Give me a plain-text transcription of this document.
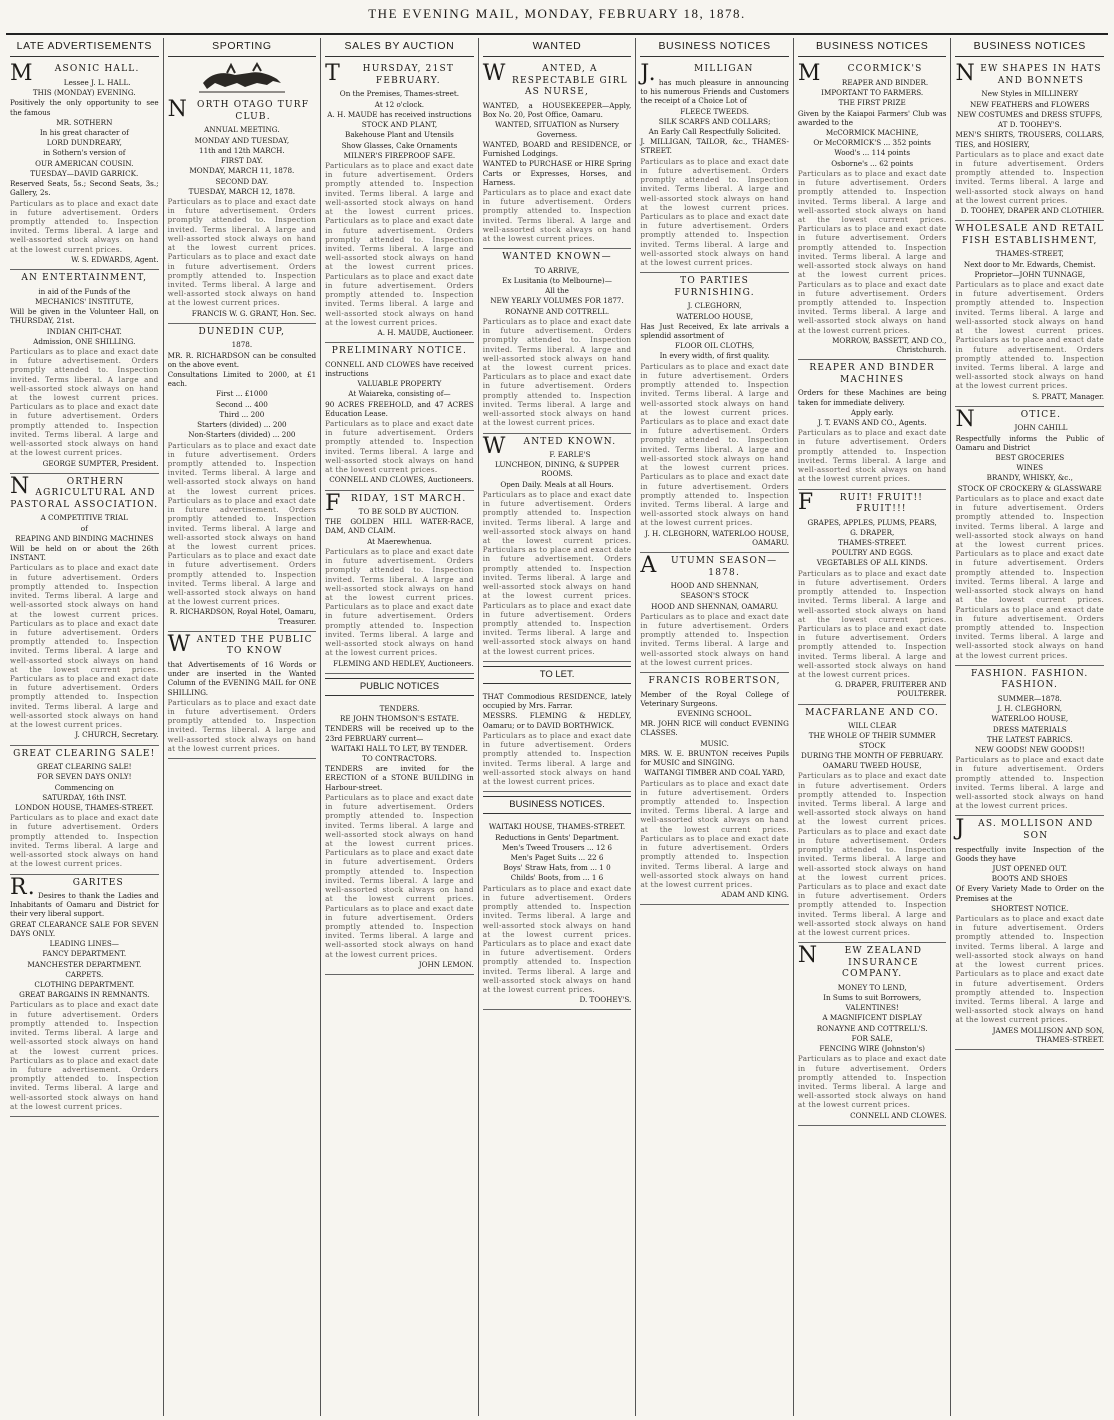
THE EVENING MAIL, MONDAY, FEBRUARY 18, 1878.
LATE ADVERTISEMENTS
MASONIC HALL.

Lessee J. L. HALL.

THIS (MONDAY) EVENING.

Positively the only opportunity to see the famous

MR. SOTHERN

In his great character of

LORD DUNDREARY,

in Sothern's version of

OUR AMERICAN COUSIN.

TUESDAY—DAVID GARRICK.

Reserved Seats, 5s.; Second Seats, 3s.; Gallery, 2s.

Particulars as to place and exact date in future advertisement. Orders promptly attended to. Inspection invited. Terms liberal. A large and well-assorted stock always on hand at the lowest current prices.

W. S. EDWARDS, Agent.

AN ENTERTAINMENT,

in aid of the Funds of the

MECHANICS' INSTITUTE,

Will be given in the Volunteer Hall, on THURSDAY, 21st.

INDIAN CHIT-CHAT.

Admission, ONE SHILLING.

Particulars as to place and exact date in future advertisement. Orders promptly attended to. Inspection invited. Terms liberal. A large and well-assorted stock always on hand at the lowest current prices. Particulars as to place and exact date in future advertisement. Orders promptly attended to. Inspection invited. Terms liberal. A large and well-assorted stock always on hand at the lowest current prices.

GEORGE SUMPTER, President.

NORTHERN AGRICULTURAL AND PASTORAL ASSOCIATION.

A COMPETITIVE TRIAL

of

REAPING AND BINDING MACHINES

Will be held on or about the 26th INSTANT.

Particulars as to place and exact date in future advertisement. Orders promptly attended to. Inspection invited. Terms liberal. A large and well-assorted stock always on hand at the lowest current prices. Particulars as to place and exact date in future advertisement. Orders promptly attended to. Inspection invited. Terms liberal. A large and well-assorted stock always on hand at the lowest current prices. Particulars as to place and exact date in future advertisement. Orders promptly attended to. Inspection invited. Terms liberal. A large and well-assorted stock always on hand at the lowest current prices.

J. CHURCH, Secretary.

GREAT CLEARING SALE!

GREAT CLEARING SALE!

FOR SEVEN DAYS ONLY!

Commencing on

SATURDAY, 16th INST.

LONDON HOUSE, THAMES-STREET.

Particulars as to place and exact date in future advertisement. Orders promptly attended to. Inspection invited. Terms liberal. A large and well-assorted stock always on hand at the lowest current prices.

R.GARITES

Desires to thank the Ladies and Inhabitants of Oamaru and District for their very liberal support.

GREAT CLEARANCE SALE FOR SEVEN DAYS ONLY.

LEADING LINES—

FANCY DEPARTMENT.

MANCHESTER DEPARTMENT.

CARPETS.

CLOTHING DEPARTMENT.

GREAT BARGAINS IN REMNANTS.

Particulars as to place and exact date in future advertisement. Orders promptly attended to. Inspection invited. Terms liberal. A large and well-assorted stock always on hand at the lowest current prices. Particulars as to place and exact date in future advertisement. Orders promptly attended to. Inspection invited. Terms liberal. A large and well-assorted stock always on hand at the lowest current prices.

SPORTING
NORTH OTAGO TURF CLUB.

ANNUAL MEETING.

MONDAY AND TUESDAY,

11th and 12th MARCH.

FIRST DAY.

MONDAY, MARCH 11, 1878.

SECOND DAY.

TUESDAY, MARCH 12, 1878.

Particulars as to place and exact date in future advertisement. Orders promptly attended to. Inspection invited. Terms liberal. A large and well-assorted stock always on hand at the lowest current prices. Particulars as to place and exact date in future advertisement. Orders promptly attended to. Inspection invited. Terms liberal. A large and well-assorted stock always on hand at the lowest current prices.

FRANCIS W. G. GRANT, Hon. Sec.

DUNEDIN CUP,

1878.

MR. R. RICHARDSON can be consulted on the above event.

Consultations Limited to 2000, at £1 each.

First ... £1000

Second ... 400

Third ... 200

Starters (divided) ... 200

Non-Starters (divided) ... 200

Particulars as to place and exact date in future advertisement. Orders promptly attended to. Inspection invited. Terms liberal. A large and well-assorted stock always on hand at the lowest current prices. Particulars as to place and exact date in future advertisement. Orders promptly attended to. Inspection invited. Terms liberal. A large and well-assorted stock always on hand at the lowest current prices. Particulars as to place and exact date in future advertisement. Orders promptly attended to. Inspection invited. Terms liberal. A large and well-assorted stock always on hand at the lowest current prices.

R. RICHARDSON, Royal Hotel, Oamaru, Treasurer.

WANTED THE PUBLIC TO KNOW

that Advertisements of 16 Words or under are inserted in the Wanted Column of the EVENING MAIL for ONE SHILLING.

Particulars as to place and exact date in future advertisement. Orders promptly attended to. Inspection invited. Terms liberal. A large and well-assorted stock always on hand at the lowest current prices.

SALES BY AUCTION
THURSDAY, 21ST FEBRUARY.

On the Premises, Thames-street.

At 12 o'clock.

A. H. MAUDE has received instructions

STOCK AND PLANT,

Bakehouse Plant and Utensils

Show Glasses, Cake Ornaments

MILNER'S FIREPROOF SAFE.

Particulars as to place and exact date in future advertisement. Orders promptly attended to. Inspection invited. Terms liberal. A large and well-assorted stock always on hand at the lowest current prices. Particulars as to place and exact date in future advertisement. Orders promptly attended to. Inspection invited. Terms liberal. A large and well-assorted stock always on hand at the lowest current prices. Particulars as to place and exact date in future advertisement. Orders promptly attended to. Inspection invited. Terms liberal. A large and well-assorted stock always on hand at the lowest current prices.

A. H. MAUDE, Auctioneer.

PRELIMINARY NOTICE.

CONNELL AND CLOWES have received instructions

VALUABLE PROPERTY

At Waiareka, consisting of—

90 ACRES FREEHOLD, and 47 ACRES Education Lease.

Particulars as to place and exact date in future advertisement. Orders promptly attended to. Inspection invited. Terms liberal. A large and well-assorted stock always on hand at the lowest current prices.

CONNELL AND CLOWES, Auctioneers.

FRIDAY, 1ST MARCH.

TO BE SOLD BY AUCTION.

THE GOLDEN HILL WATER-RACE, DAM, AND CLAIM.

At Maerewhenua.

Particulars as to place and exact date in future advertisement. Orders promptly attended to. Inspection invited. Terms liberal. A large and well-assorted stock always on hand at the lowest current prices. Particulars as to place and exact date in future advertisement. Orders promptly attended to. Inspection invited. Terms liberal. A large and well-assorted stock always on hand at the lowest current prices.

FLEMING AND HEDLEY, Auctioneers.

PUBLIC NOTICES

TENDERS.

RE JOHN THOMSON'S ESTATE.

TENDERS will be received up to the 23rd FEBRUARY current—

WAITAKI HALL TO LET, BY TENDER.

TO CONTRACTORS.

TENDERS are invited for the ERECTION of a STONE BUILDING in Harbour-street.

Particulars as to place and exact date in future advertisement. Orders promptly attended to. Inspection invited. Terms liberal. A large and well-assorted stock always on hand at the lowest current prices. Particulars as to place and exact date in future advertisement. Orders promptly attended to. Inspection invited. Terms liberal. A large and well-assorted stock always on hand at the lowest current prices. Particulars as to place and exact date in future advertisement. Orders promptly attended to. Inspection invited. Terms liberal. A large and well-assorted stock always on hand at the lowest current prices.

JOHN LEMON.

WANTED
WANTED, A RESPECTABLE GIRL AS NURSE,

WANTED, a HOUSEKEEPER—Apply, Box No. 20, Post Office, Oamaru.

WANTED, SITUATION as Nursery Governess.

WANTED, BOARD and RESIDENCE, or Furnished Lodgings.

WANTED to PURCHASE or HIRE Spring Carts or Expresses, Horses, and Harness.

Particulars as to place and exact date in future advertisement. Orders promptly attended to. Inspection invited. Terms liberal. A large and well-assorted stock always on hand at the lowest current prices.

WANTED KNOWN—

TO ARRIVE,

Ex Lusitania (to Melbourne)—

All the

NEW YEARLY VOLUMES FOR 1877.

RONAYNE AND COTTRELL.

Particulars as to place and exact date in future advertisement. Orders promptly attended to. Inspection invited. Terms liberal. A large and well-assorted stock always on hand at the lowest current prices. Particulars as to place and exact date in future advertisement. Orders promptly attended to. Inspection invited. Terms liberal. A large and well-assorted stock always on hand at the lowest current prices.

WANTED KNOWN.

F. EARLE'S

LUNCHEON, DINING, & SUPPER ROOMS.

Open Daily. Meals at all Hours.

Particulars as to place and exact date in future advertisement. Orders promptly attended to. Inspection invited. Terms liberal. A large and well-assorted stock always on hand at the lowest current prices. Particulars as to place and exact date in future advertisement. Orders promptly attended to. Inspection invited. Terms liberal. A large and well-assorted stock always on hand at the lowest current prices. Particulars as to place and exact date in future advertisement. Orders promptly attended to. Inspection invited. Terms liberal. A large and well-assorted stock always on hand at the lowest current prices.

TO LET.

THAT Commodious RESIDENCE, lately occupied by Mrs. Farrar.

MESSRS. FLEMING & HEDLEY, Oamaru; or to DAVID BORTHWICK.

Particulars as to place and exact date in future advertisement. Orders promptly attended to. Inspection invited. Terms liberal. A large and well-assorted stock always on hand at the lowest current prices.

BUSINESS NOTICES.

WAITAKI HOUSE, THAMES-STREET.

Reductions in Gents' Department.

Men's Tweed Trousers ... 12 6

Men's Paget Suits ... 22 6

Boys' Straw Hats, from ... 1 0

Childs' Boots, from ... 1 6

Particulars as to place and exact date in future advertisement. Orders promptly attended to. Inspection invited. Terms liberal. A large and well-assorted stock always on hand at the lowest current prices. Particulars as to place and exact date in future advertisement. Orders promptly attended to. Inspection invited. Terms liberal. A large and well-assorted stock always on hand at the lowest current prices.

D. TOOHEY'S.

BUSINESS NOTICES
J.MILLIGAN

has much pleasure in announcing to his numerous Friends and Customers the receipt of a Choice Lot of

FLEECE TWEEDS.

SILK SCARFS AND COLLARS;

An Early Call Respectfully Solicited.

J. MILLIGAN, TAILOR, &c., THAMES-STREET.

Particulars as to place and exact date in future advertisement. Orders promptly attended to. Inspection invited. Terms liberal. A large and well-assorted stock always on hand at the lowest current prices. Particulars as to place and exact date in future advertisement. Orders promptly attended to. Inspection invited. Terms liberal. A large and well-assorted stock always on hand at the lowest current prices.

TO PARTIES FURNISHING.

J. CLEGHORN,

WATERLOO HOUSE,

Has Just Received, Ex late arrivals a splendid assortment of

FLOOR OIL CLOTHS,

In every width, of first quality.

Particulars as to place and exact date in future advertisement. Orders promptly attended to. Inspection invited. Terms liberal. A large and well-assorted stock always on hand at the lowest current prices. Particulars as to place and exact date in future advertisement. Orders promptly attended to. Inspection invited. Terms liberal. A large and well-assorted stock always on hand at the lowest current prices. Particulars as to place and exact date in future advertisement. Orders promptly attended to. Inspection invited. Terms liberal. A large and well-assorted stock always on hand at the lowest current prices.

J. H. CLEGHORN, WATERLOO HOUSE, OAMARU.

AUTUMN SEASON—1878.

HOOD AND SHENNAN,

SEASON'S STOCK

HOOD AND SHENNAN, OAMARU.

Particulars as to place and exact date in future advertisement. Orders promptly attended to. Inspection invited. Terms liberal. A large and well-assorted stock always on hand at the lowest current prices.

FRANCIS ROBERTSON,

Member of the Royal College of Veterinary Surgeons.

EVENING SCHOOL.

MR. JOHN RICE will conduct EVENING CLASSES.

MUSIC.

MRS. W. E. BRUNTON receives Pupils for MUSIC and SINGING.

WAITANGI TIMBER AND COAL YARD,

Particulars as to place and exact date in future advertisement. Orders promptly attended to. Inspection invited. Terms liberal. A large and well-assorted stock always on hand at the lowest current prices. Particulars as to place and exact date in future advertisement. Orders promptly attended to. Inspection invited. Terms liberal. A large and well-assorted stock always on hand at the lowest current prices.

ADAM AND KING.

BUSINESS NOTICES
MCCORMICK'S

REAPER AND BINDER.

IMPORTANT TO FARMERS.

THE FIRST PRIZE

Given by the Kaiapoi Farmers' Club was awarded to the

McCORMICK MACHINE,

Or McCORMICK'S ... 352 points

Wood's ... 114 points

Osborne's ... 62 points

Particulars as to place and exact date in future advertisement. Orders promptly attended to. Inspection invited. Terms liberal. A large and well-assorted stock always on hand at the lowest current prices. Particulars as to place and exact date in future advertisement. Orders promptly attended to. Inspection invited. Terms liberal. A large and well-assorted stock always on hand at the lowest current prices. Particulars as to place and exact date in future advertisement. Orders promptly attended to. Inspection invited. Terms liberal. A large and well-assorted stock always on hand at the lowest current prices.

MORROW, BASSETT, AND CO., Christchurch.

REAPER AND BINDER MACHINES

Orders for these Machines are being taken for immediate delivery.

Apply early.

J. T. EVANS AND CO., Agents.

Particulars as to place and exact date in future advertisement. Orders promptly attended to. Inspection invited. Terms liberal. A large and well-assorted stock always on hand at the lowest current prices.

FRUIT! FRUIT!! FRUIT!!!

GRAPES, APPLES, PLUMS, PEARS,

G. DRAPER,

THAMES-STREET.

POULTRY AND EGGS.

VEGETABLES OF ALL KINDS.

Particulars as to place and exact date in future advertisement. Orders promptly attended to. Inspection invited. Terms liberal. A large and well-assorted stock always on hand at the lowest current prices. Particulars as to place and exact date in future advertisement. Orders promptly attended to. Inspection invited. Terms liberal. A large and well-assorted stock always on hand at the lowest current prices.

G. DRAPER, FRUITERER AND POULTERER.

MACFARLANE AND CO.

WILL CLEAR

THE WHOLE OF THEIR SUMMER STOCK

DURING THE MONTH OF FEBRUARY.

OAMARU TWEED HOUSE,

Particulars as to place and exact date in future advertisement. Orders promptly attended to. Inspection invited. Terms liberal. A large and well-assorted stock always on hand at the lowest current prices. Particulars as to place and exact date in future advertisement. Orders promptly attended to. Inspection invited. Terms liberal. A large and well-assorted stock always on hand at the lowest current prices. Particulars as to place and exact date in future advertisement. Orders promptly attended to. Inspection invited. Terms liberal. A large and well-assorted stock always on hand at the lowest current prices.

NEW ZEALAND INSURANCE COMPANY.

MONEY TO LEND,

In Sums to suit Borrowers,

VALENTINES!

A MAGNIFICENT DISPLAY

RONAYNE AND COTTRELL'S.

FOR SALE,

FENCING WIRE (Johnston's)

Particulars as to place and exact date in future advertisement. Orders promptly attended to. Inspection invited. Terms liberal. A large and well-assorted stock always on hand at the lowest current prices.

CONNELL AND CLOWES.

BUSINESS NOTICES
NEW SHAPES IN HATS AND BONNETS

New Styles in MILLINERY

NEW FEATHERS and FLOWERS

NEW COSTUMES and DRESS STUFFS,

AT D. TOOHEY'S.

MEN'S SHIRTS, TROUSERS, COLLARS, TIES, and HOSIERY,

Particulars as to place and exact date in future advertisement. Orders promptly attended to. Inspection invited. Terms liberal. A large and well-assorted stock always on hand at the lowest current prices.

D. TOOHEY, DRAPER AND CLOTHIER.

WHOLESALE AND RETAIL FISH ESTABLISHMENT,

THAMES-STREET,

Next door to Mr. Edwards, Chemist.

Proprietor—JOHN TUNNAGE,

Particulars as to place and exact date in future advertisement. Orders promptly attended to. Inspection invited. Terms liberal. A large and well-assorted stock always on hand at the lowest current prices. Particulars as to place and exact date in future advertisement. Orders promptly attended to. Inspection invited. Terms liberal. A large and well-assorted stock always on hand at the lowest current prices.

S. PRATT, Manager.

NOTICE.

JOHN CAHILL

Respectfully informs the Public of Oamaru and District

BEST GROCERIES

WINES

BRANDY, WHISKY, &c.,

STOCK OF CROCKERY & GLASSWARE

Particulars as to place and exact date in future advertisement. Orders promptly attended to. Inspection invited. Terms liberal. A large and well-assorted stock always on hand at the lowest current prices. Particulars as to place and exact date in future advertisement. Orders promptly attended to. Inspection invited. Terms liberal. A large and well-assorted stock always on hand at the lowest current prices. Particulars as to place and exact date in future advertisement. Orders promptly attended to. Inspection invited. Terms liberal. A large and well-assorted stock always on hand at the lowest current prices.

FASHION. FASHION. FASHION.

SUMMER—1878.

J. H. CLEGHORN,

WATERLOO HOUSE,

DRESS MATERIALS

THE LATEST FABRICS.

NEW GOODS! NEW GOODS!!

Particulars as to place and exact date in future advertisement. Orders promptly attended to. Inspection invited. Terms liberal. A large and well-assorted stock always on hand at the lowest current prices.

JAS. MOLLISON AND SON

respectfully invite Inspection of the Goods they have

JUST OPENED OUT.

BOOTS AND SHOES

Of Every Variety Made to Order on the Premises at the

SHORTEST NOTICE.

Particulars as to place and exact date in future advertisement. Orders promptly attended to. Inspection invited. Terms liberal. A large and well-assorted stock always on hand at the lowest current prices. Particulars as to place and exact date in future advertisement. Orders promptly attended to. Inspection invited. Terms liberal. A large and well-assorted stock always on hand at the lowest current prices.

JAMES MOLLISON AND SON, THAMES-STREET.
